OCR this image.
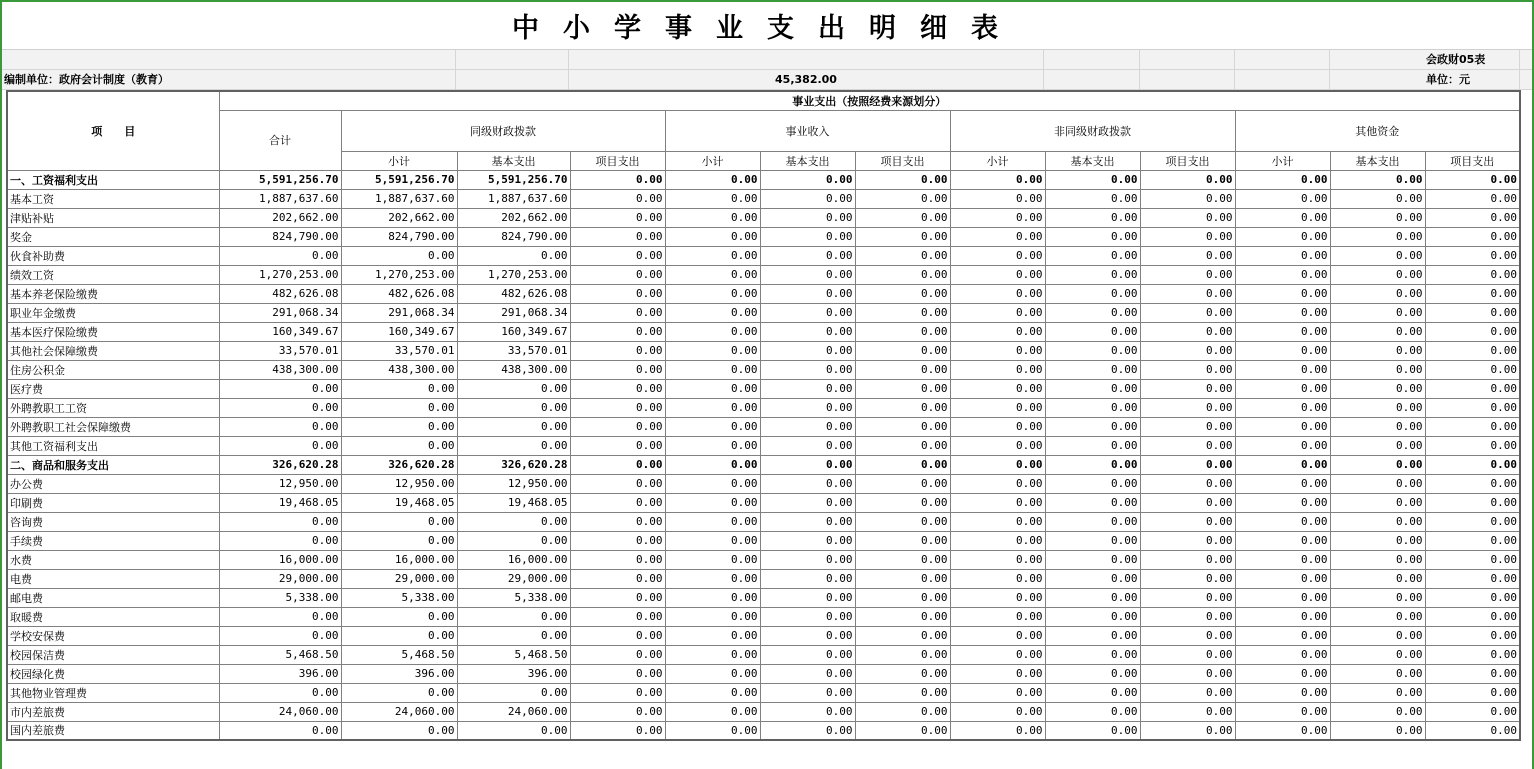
中小学事业支出明细表
会政财05表
编制单位：政府会计制度（教育）	45,382.00	单位：元
项　　目	事业支出（按照经费来源划分）												
	合计	同级财政拨款			事业收入			非同级财政拨款			其他资金		
		小计	基本支出	项目支出	小计	基本支出	项目支出	小计	基本支出	项目支出	小计	基本支出	项目支出
一、工资福利支出	5,591,256.70	5,591,256.70	5,591,256.70	0.00	0.00	0.00	0.00	0.00	0.00	0.00	0.00	0.00	0.00
基本工资	1,887,637.60	1,887,637.60	1,887,637.60	0.00	0.00	0.00	0.00	0.00	0.00	0.00	0.00	0.00	0.00
津贴补贴	202,662.00	202,662.00	202,662.00	0.00	0.00	0.00	0.00	0.00	0.00	0.00	0.00	0.00	0.00
奖金	824,790.00	824,790.00	824,790.00	0.00	0.00	0.00	0.00	0.00	0.00	0.00	0.00	0.00	0.00
伙食补助费	0.00	0.00	0.00	0.00	0.00	0.00	0.00	0.00	0.00	0.00	0.00	0.00	0.00
绩效工资	1,270,253.00	1,270,253.00	1,270,253.00	0.00	0.00	0.00	0.00	0.00	0.00	0.00	0.00	0.00	0.00
基本养老保险缴费	482,626.08	482,626.08	482,626.08	0.00	0.00	0.00	0.00	0.00	0.00	0.00	0.00	0.00	0.00
职业年金缴费	291,068.34	291,068.34	291,068.34	0.00	0.00	0.00	0.00	0.00	0.00	0.00	0.00	0.00	0.00
基本医疗保险缴费	160,349.67	160,349.67	160,349.67	0.00	0.00	0.00	0.00	0.00	0.00	0.00	0.00	0.00	0.00
其他社会保障缴费	33,570.01	33,570.01	33,570.01	0.00	0.00	0.00	0.00	0.00	0.00	0.00	0.00	0.00	0.00
住房公积金	438,300.00	438,300.00	438,300.00	0.00	0.00	0.00	0.00	0.00	0.00	0.00	0.00	0.00	0.00
医疗费	0.00	0.00	0.00	0.00	0.00	0.00	0.00	0.00	0.00	0.00	0.00	0.00	0.00
外聘教职工工资	0.00	0.00	0.00	0.00	0.00	0.00	0.00	0.00	0.00	0.00	0.00	0.00	0.00
外聘教职工社会保障缴费	0.00	0.00	0.00	0.00	0.00	0.00	0.00	0.00	0.00	0.00	0.00	0.00	0.00
其他工资福利支出	0.00	0.00	0.00	0.00	0.00	0.00	0.00	0.00	0.00	0.00	0.00	0.00	0.00
二、商品和服务支出	326,620.28	326,620.28	326,620.28	0.00	0.00	0.00	0.00	0.00	0.00	0.00	0.00	0.00	0.00
办公费	12,950.00	12,950.00	12,950.00	0.00	0.00	0.00	0.00	0.00	0.00	0.00	0.00	0.00	0.00
印刷费	19,468.05	19,468.05	19,468.05	0.00	0.00	0.00	0.00	0.00	0.00	0.00	0.00	0.00	0.00
咨询费	0.00	0.00	0.00	0.00	0.00	0.00	0.00	0.00	0.00	0.00	0.00	0.00	0.00
手续费	0.00	0.00	0.00	0.00	0.00	0.00	0.00	0.00	0.00	0.00	0.00	0.00	0.00
水费	16,000.00	16,000.00	16,000.00	0.00	0.00	0.00	0.00	0.00	0.00	0.00	0.00	0.00	0.00
电费	29,000.00	29,000.00	29,000.00	0.00	0.00	0.00	0.00	0.00	0.00	0.00	0.00	0.00	0.00
邮电费	5,338.00	5,338.00	5,338.00	0.00	0.00	0.00	0.00	0.00	0.00	0.00	0.00	0.00	0.00
取暖费	0.00	0.00	0.00	0.00	0.00	0.00	0.00	0.00	0.00	0.00	0.00	0.00	0.00
学校安保费	0.00	0.00	0.00	0.00	0.00	0.00	0.00	0.00	0.00	0.00	0.00	0.00	0.00
校园保洁费	5,468.50	5,468.50	5,468.50	0.00	0.00	0.00	0.00	0.00	0.00	0.00	0.00	0.00	0.00
校园绿化费	396.00	396.00	396.00	0.00	0.00	0.00	0.00	0.00	0.00	0.00	0.00	0.00	0.00
其他物业管理费	0.00	0.00	0.00	0.00	0.00	0.00	0.00	0.00	0.00	0.00	0.00	0.00	0.00
市内差旅费	24,060.00	24,060.00	24,060.00	0.00	0.00	0.00	0.00	0.00	0.00	0.00	0.00	0.00	0.00
国内差旅费	0.00	0.00	0.00	0.00	0.00	0.00	0.00	0.00	0.00	0.00	0.00	0.00	0.00
